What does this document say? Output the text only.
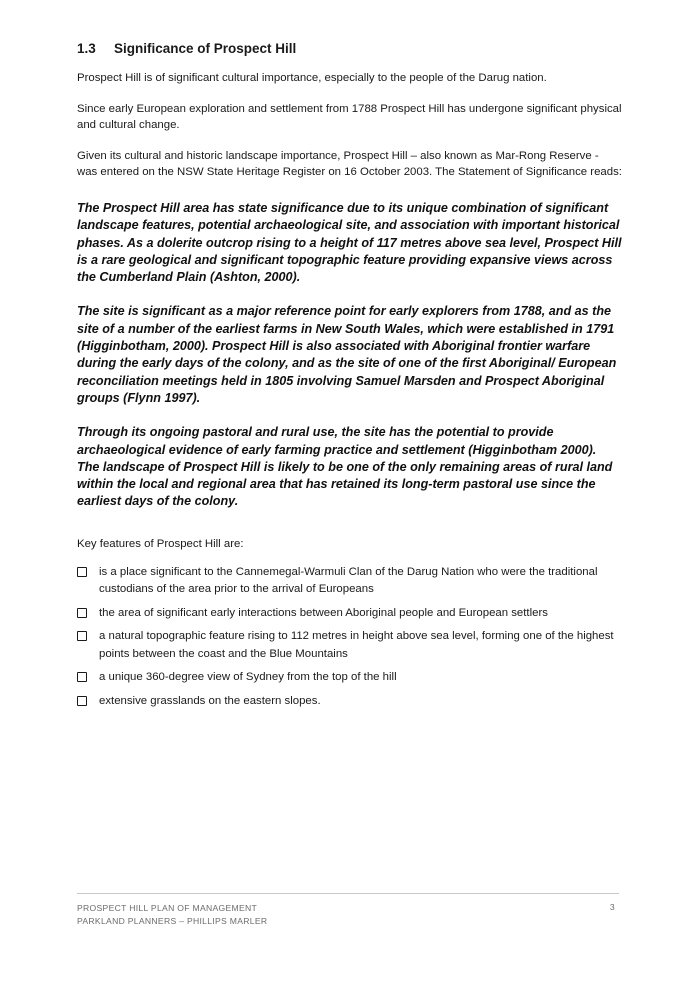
1.3 Significance of Prospect Hill

Prospect Hill is of significant cultural importance, especially to the people of the Darug nation.

Since early European exploration and settlement from 1788 Prospect Hill has undergone significant physical and cultural change.

Given its cultural and historic landscape importance, Prospect Hill – also known as Mar-Rong Reserve - was entered on the NSW State Heritage Register on 16 October 2003. The Statement of Significance reads:

The Prospect Hill area has state significance due to its unique combination of significant landscape features, potential archaeological site, and association with important historical phases. As a dolerite outcrop rising to a height of 117 metres above sea level, Prospect Hill is a rare geological and significant topographic feature providing expansive views across the Cumberland Plain (Ashton, 2000).

The site is significant as a major reference point for early explorers from 1788, and as the site of a number of the earliest farms in New South Wales, which were established in 1791 (Higginbotham, 2000). Prospect Hill is also associated with Aboriginal frontier warfare during the early days of the colony, and as the site of one of the first Aboriginal/ European reconciliation meetings held in 1805 involving Samuel Marsden and Prospect Aboriginal groups (Flynn 1997).

Through its ongoing pastoral and rural use, the site has the potential to provide archaeological evidence of early farming practice and settlement (Higginbotham 2000). The landscape of Prospect Hill is likely to be one of the only remaining areas of rural land within the local and regional area that has retained its long-term pastoral use since the earliest days of the colony.

Key features of Prospect Hill are:

is a place significant to the Cannemegal-Warmuli Clan of the Darug Nation who were the traditional custodians of the area prior to the arrival of Europeans
the area of significant early interactions between Aboriginal people and European settlers
a natural topographic feature rising to 112 metres in height above sea level, forming one of the highest points between the coast and the Blue Mountains
a unique 360-degree view of Sydney from the top of the hill
extensive grasslands on the eastern slopes.
PROSPECT HILL PLAN OF MANAGEMENT
PARKLAND PLANNERS – PHILLIPS MARLER
3
